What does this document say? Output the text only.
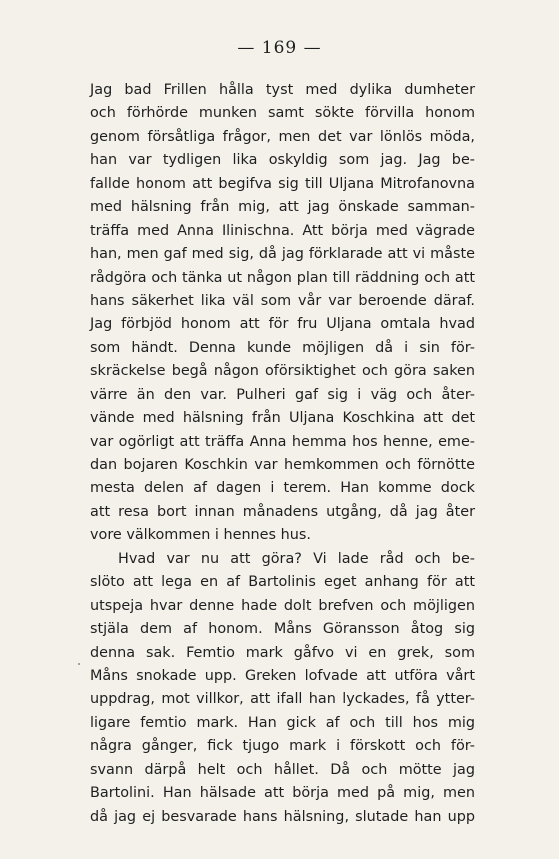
— 169 —
Jag bad Frillen hålla tyst med dylika dumheter
och förhörde munken samt sökte förvilla honom
genom försåtliga frågor, men det var lönlös möda,
han var tydligen lika oskyldig som jag. Jag be-
fallde honom att begifva sig till Uljana Mitrofanovna
med hälsning från mig, att jag önskade samman-
träffa med Anna Ilinischna. Att börja med vägrade
han, men gaf med sig, då jag förklarade att vi måste
rådgöra och tänka ut någon plan till räddning och att
hans säkerhet lika väl som vår var beroende däraf.
Jag förbjöd honom att för fru Uljana omtala hvad
som händt. Denna kunde möjligen då i sin för-
skräckelse begå någon oförsiktighet och göra saken
värre än den var. Pulheri gaf sig i väg och åter-
vände med hälsning från Uljana Koschkina att det
var ogörligt att träffa Anna hemma hos henne, eme-
dan bojaren Koschkin var hemkommen och förnötte
mesta delen af dagen i terem. Han komme dock
att resa bort innan månadens utgång, då jag åter
vore välkommen i hennes hus.
Hvad var nu att göra? Vi lade råd och be-
slöto att lega en af Bartolinis eget anhang för att
utspeja hvar denne hade dolt brefven och möjligen
stjäla dem af honom. Måns Göransson åtog sig
denna sak. Femtio mark gåfvo vi en grek, som
Måns snokade upp. Greken lofvade att utföra vårt
uppdrag, mot villkor, att ifall han lyckades, få ytter-
ligare femtio mark. Han gick af och till hos mig
några gånger, fick tjugo mark i förskott och för-
svann därpå helt och hållet. Då och mötte jag
Bartolini. Han hälsade att börja med på mig, men
då jag ej besvarade hans hälsning, slutade han upp
